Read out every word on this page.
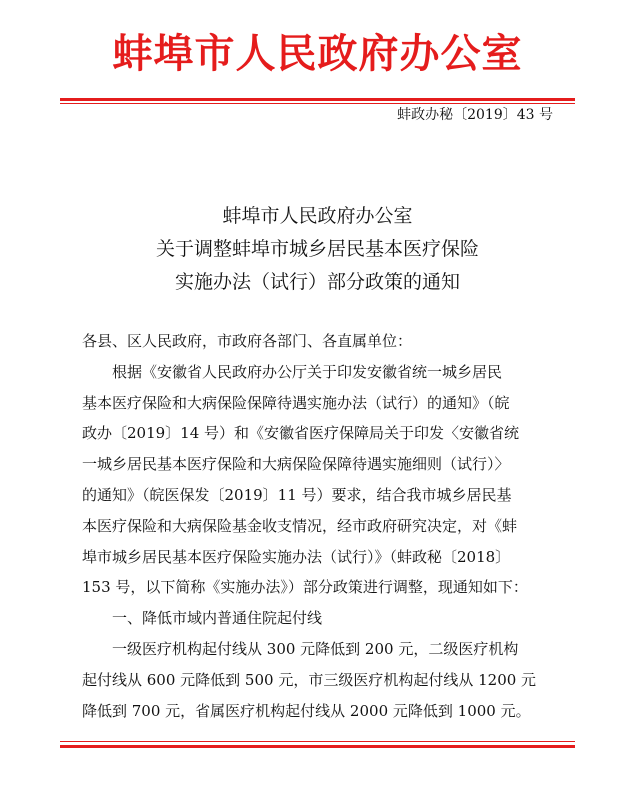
蚌埠市人民政府办公室
蚌政办秘〔2019〕43 号
蚌埠市人民政府办公室
关于调整蚌埠市城乡居民基本医疗保险
实施办法（试行）部分政策的通知
各县、区人民政府，市政府各部门、各直属单位：
根据《安徽省人民政府办公厅关于印发安徽省统一城乡居民
基本医疗保险和大病保险保障待遇实施办法（试行）的通知》（皖
政办〔2019〕14 号）和《安徽省医疗保障局关于印发〈安徽省统
一城乡居民基本医疗保险和大病保险保障待遇实施细则（试行）〉
的通知》（皖医保发〔2019〕11 号）要求，结合我市城乡居民基
本医疗保险和大病保险基金收支情况，经市政府研究决定，对《蚌
埠市城乡居民基本医疗保险实施办法（试行）》（蚌政秘〔2018〕
153 号，以下简称《实施办法》）部分政策进行调整，现通知如下：
一、降低市域内普通住院起付线
一级医疗机构起付线从 300 元降低到 200 元，二级医疗机构
起付线从 600 元降低到 500 元，市三级医疗机构起付线从 1200 元
降低到 700 元，省属医疗机构起付线从 2000 元降低到 1000 元。
